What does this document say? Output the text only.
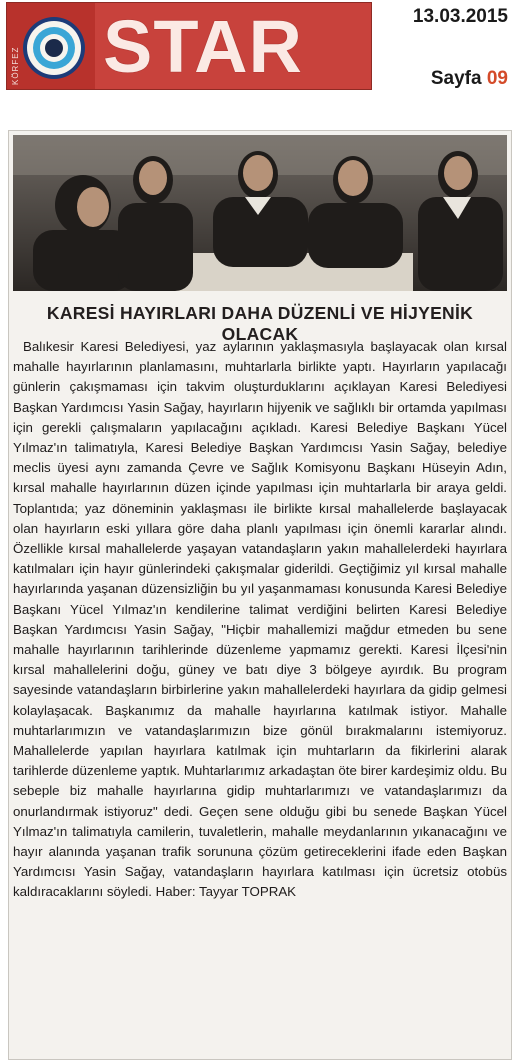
KÖRFEZ STAR	13.03.2015
Sayfa 09
KARESİ HAYIRLARI DAHA DÜZENLİ VE HİJYENİK OLACAK

Balıkesir Karesi Belediyesi, yaz aylarının yaklaşmasıyla başlayacak olan kırsal mahalle hayırlarının planlamasını, muhtarlarla birlikte yaptı. Hayırların yapılacağı günlerin çakışmaması için takvim oluşturduklarını açıklayan Karesi Belediyesi Başkan Yardımcısı Yasin Sağay, hayırların hijyenik ve sağlıklı bir ortamda yapılması için gerekli çalışmaların yapılacağını açıkladı. Karesi Belediye Başkanı Yücel Yılmaz'ın talimatıyla, Karesi Belediye Başkan Yardımcısı Yasin Sağay, belediye meclis üyesi aynı zamanda Çevre ve Sağlık Komisyonu Başkanı Hüseyin Adın, kırsal mahalle hayırlarının düzen içinde yapılması için muhtarlarla bir araya geldi. Toplantıda; yaz döneminin yaklaşması ile birlikte kırsal mahallelerde başlayacak olan hayırların eski yıllara göre daha planlı yapılması için önemli kararlar alındı. Özellikle kırsal mahallelerde yaşayan vatandaşların yakın mahallelerdeki hayırlara katılmaları için hayır günlerindeki çakışmalar giderildi. Geçtiğimiz yıl kırsal mahalle hayırlarında yaşanan düzensizliğin bu yıl yaşanmaması konusunda Karesi Belediye Başkanı Yücel Yılmaz'ın kendilerine talimat verdiğini belirten Karesi Belediye Başkan Yardımcısı Yasin Sağay, "Hiçbir mahallemizi mağdur etmeden bu sene mahalle hayırlarının tarihlerinde düzenleme yapmamız gerekti. Karesi İlçesi'nin kırsal mahallelerini doğu, güney ve batı diye 3 bölgeye ayırdık. Bu program sayesinde vatandaşların birbirlerine yakın mahallelerdeki hayırlara da gidip gelmesi kolaylaşacak. Başkanımız da mahalle hayırlarına katılmak istiyor. Mahalle muhtarlarımızın ve vatandaşlarımızın bize gönül bırakmalarını istemiyoruz. Mahallelerde yapılan hayırlara katılmak için muhtarların da fikirlerini alarak tarihlerde düzenleme yaptık. Muhtarlarımız arkadaştan öte birer kardeşimiz oldu. Bu sebeple biz mahalle hayırlarına gidip muhtarlarımızı ve vatandaşlarımızı da onurlandırmak istiyoruz" dedi. Geçen sene olduğu gibi bu senede Başkan Yücel Yılmaz'ın talimatıyla camilerin, tuvaletlerin, mahalle meydanlarının yıkanacağını ve hayır alanında yaşanan trafik sorununa çözüm getireceklerini ifade eden Başkan Yardımcısı Yasin Sağay, vatandaşların hayırlara katılması için ücretsiz otobüs kaldıracaklarını söyledi. Haber: Tayyar TOPRAK
